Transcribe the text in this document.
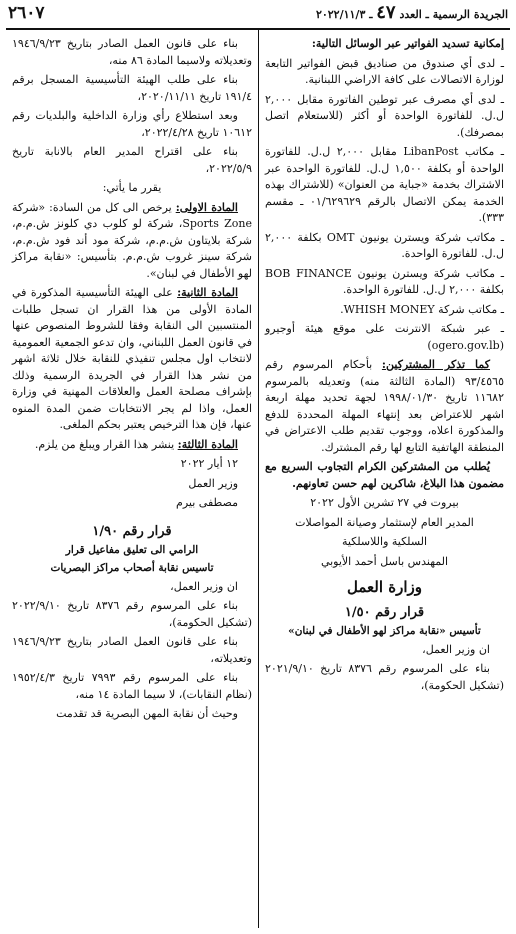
الجريدة الرسمية ـ العدد ٤٧ ـ ٢٠٢٢/١١/٣
٢٦٠٧

إمكانية تسديد الفواتير عبر الوسائل التالية:

ـ لدى أي صندوق من صناديق قبض الفواتير التابعة لوزارة الاتصالات على كافة الاراضي اللبنانية.

ـ لدى أي مصرف عبر توطين الفاتورة مقابل ٢,٠٠٠ ل.ل. للفاتورة الواحدة أو أكثر (للاستعلام اتصل بمصرفك).

ـ مكاتب LibanPost مقابل ٢,٠٠٠ ل.ل. للفاتورة الواحدة أو بكلفة ١,٥٠٠ ل.ل. للفاتورة الواحدة عبر الاشتراك بخدمة «جباية من العنوان» (للاشتراك بهذه الخدمة يمكن الاتصال بالرقم ٠١/٦٢٩٦٢٩ ـ مقسم ٣٣٣).

ـ مكاتب شركة ويسترن يونيون OMT بكلفة ٢,٠٠٠ ل.ل. للفاتورة الواحدة.

ـ مكاتب شركة ويسترن يونيون BOB FINANCE بكلفة ٢,٠٠٠ ل.ل. للفاتورة الواحدة.

ـ مكاتب شركة WHISH MONEY.

ـ عبر شبكة الانترنت على موقع هيئة أوجيرو (ogero.gov.lb)

كما تذكر المشتركين: بأحكام المرسوم رقم ٩٣/٤٥٦٥ (المادة الثالثة منه) وتعديله بالمرسوم ١١٦٨٢ تاريخ ١٩٩٨/٠١/٣٠ لجهة تحديد مهلة اربعة اشهر للاعتراض بعد إنتهاء المهلة المحددة للدفع والمذكورة اعلاه، ووجوب تقديم طلب الاعتراض في المنطقة الهاتفية التابع لها رقم المشترك.

يُطلب من المشتركين الكرام التجاوب السريع مع مضمون هذا البلاغ، شاكرين لهم حسن تعاونهم.

بيروت في ٢٧ تشرين الأول ٢٠٢٢

المدير العام لإستثمار وصيانة المواصلات

السلكية واللاسلكية

المهندس باسل أحمد الأيوبي

وزارة العمل
قرار رقم ١/٥٠
تأسيس «نقابة مراكز لهو الأطفال في لبنان»

ان وزير العمل،

بناء على المرسوم رقم ٨٣٧٦ تاريخ ٢٠٢١/٩/١٠ (تشكيل الحكومة)،

بناء على قانون العمل الصادر بتاريخ ١٩٤٦/٩/٢٣ وتعديلاته ولاسيما المادة ٨٦ منه،

بناء على طلب الهيئة التأسيسية المسجل برقم ١٩١/٤ تاريخ ٢٠٢٠/١١/١١،

وبعد استطلاع رأي وزارة الداخلية والبلديات رقم ١٠٦١٢ تاريخ ٢٠٢٢/٤/٢٨،

بناء على اقتراح المدير العام بالانابة تاريخ ٢٠٢٢/٥/٩،

يقرر ما يأتي:

المادة الاولى: يرخص الى كل من السادة: «شركة Sports Zone، شركة لو كلوب دي كلونز ش.م.م، شركة بلايتاون ش.م.م، شركة مود أند فود ش.م.م، شركة سينز غروب ش.م.م. بتأسيس: «نقابة مراكز لهو الأطفال في لبنان».

المادة الثانية: على الهيئة التأسيسية المذكورة في المادة الأولى من هذا القرار ان تسجل طلبات المنتسبين الى النقابة وفقا للشروط المنصوص عنها في قانون العمل اللبناني، وان تدعو الجمعية العمومية لانتخاب اول مجلس تنفيذي للنقابة خلال ثلاثة اشهر من نشر هذا القرار في الجريدة الرسمية وذلك بإشراف مصلحة العمل والعلاقات المهنية في وزارة العمل، واذا لم يجر الانتخابات ضمن المدة المنوه عنها، فإن هذا الترخيص يعتبر بحكم الملغى.

المادة الثالثة: ينشر هذا القرار ويبلغ من يلزم.

١٢ أيار ٢٠٢٢

وزير العمل

مصطفى بيرم

قرار رقم ١/٩٠
الرامي الى تعليق مفاعيل قرار
تاسيس نقابة أصحاب مراكز البصريات

ان وزير العمل،

بناء على المرسوم رقم ٨٣٧٦ تاريخ ٢٠٢٢/٩/١٠ (تشكيل الحكومة)،

بناء على قانون العمل الصادر بتاريخ ١٩٤٦/٩/٢٣ وتعديلاته،

بناء على المرسوم رقم ٧٩٩٣ تاريخ ١٩٥٢/٤/٣ (نظام النقابات)، لا سيما المادة ١٤ منه،

وحيث أن نقابة المهن البصرية قد تقدمت
